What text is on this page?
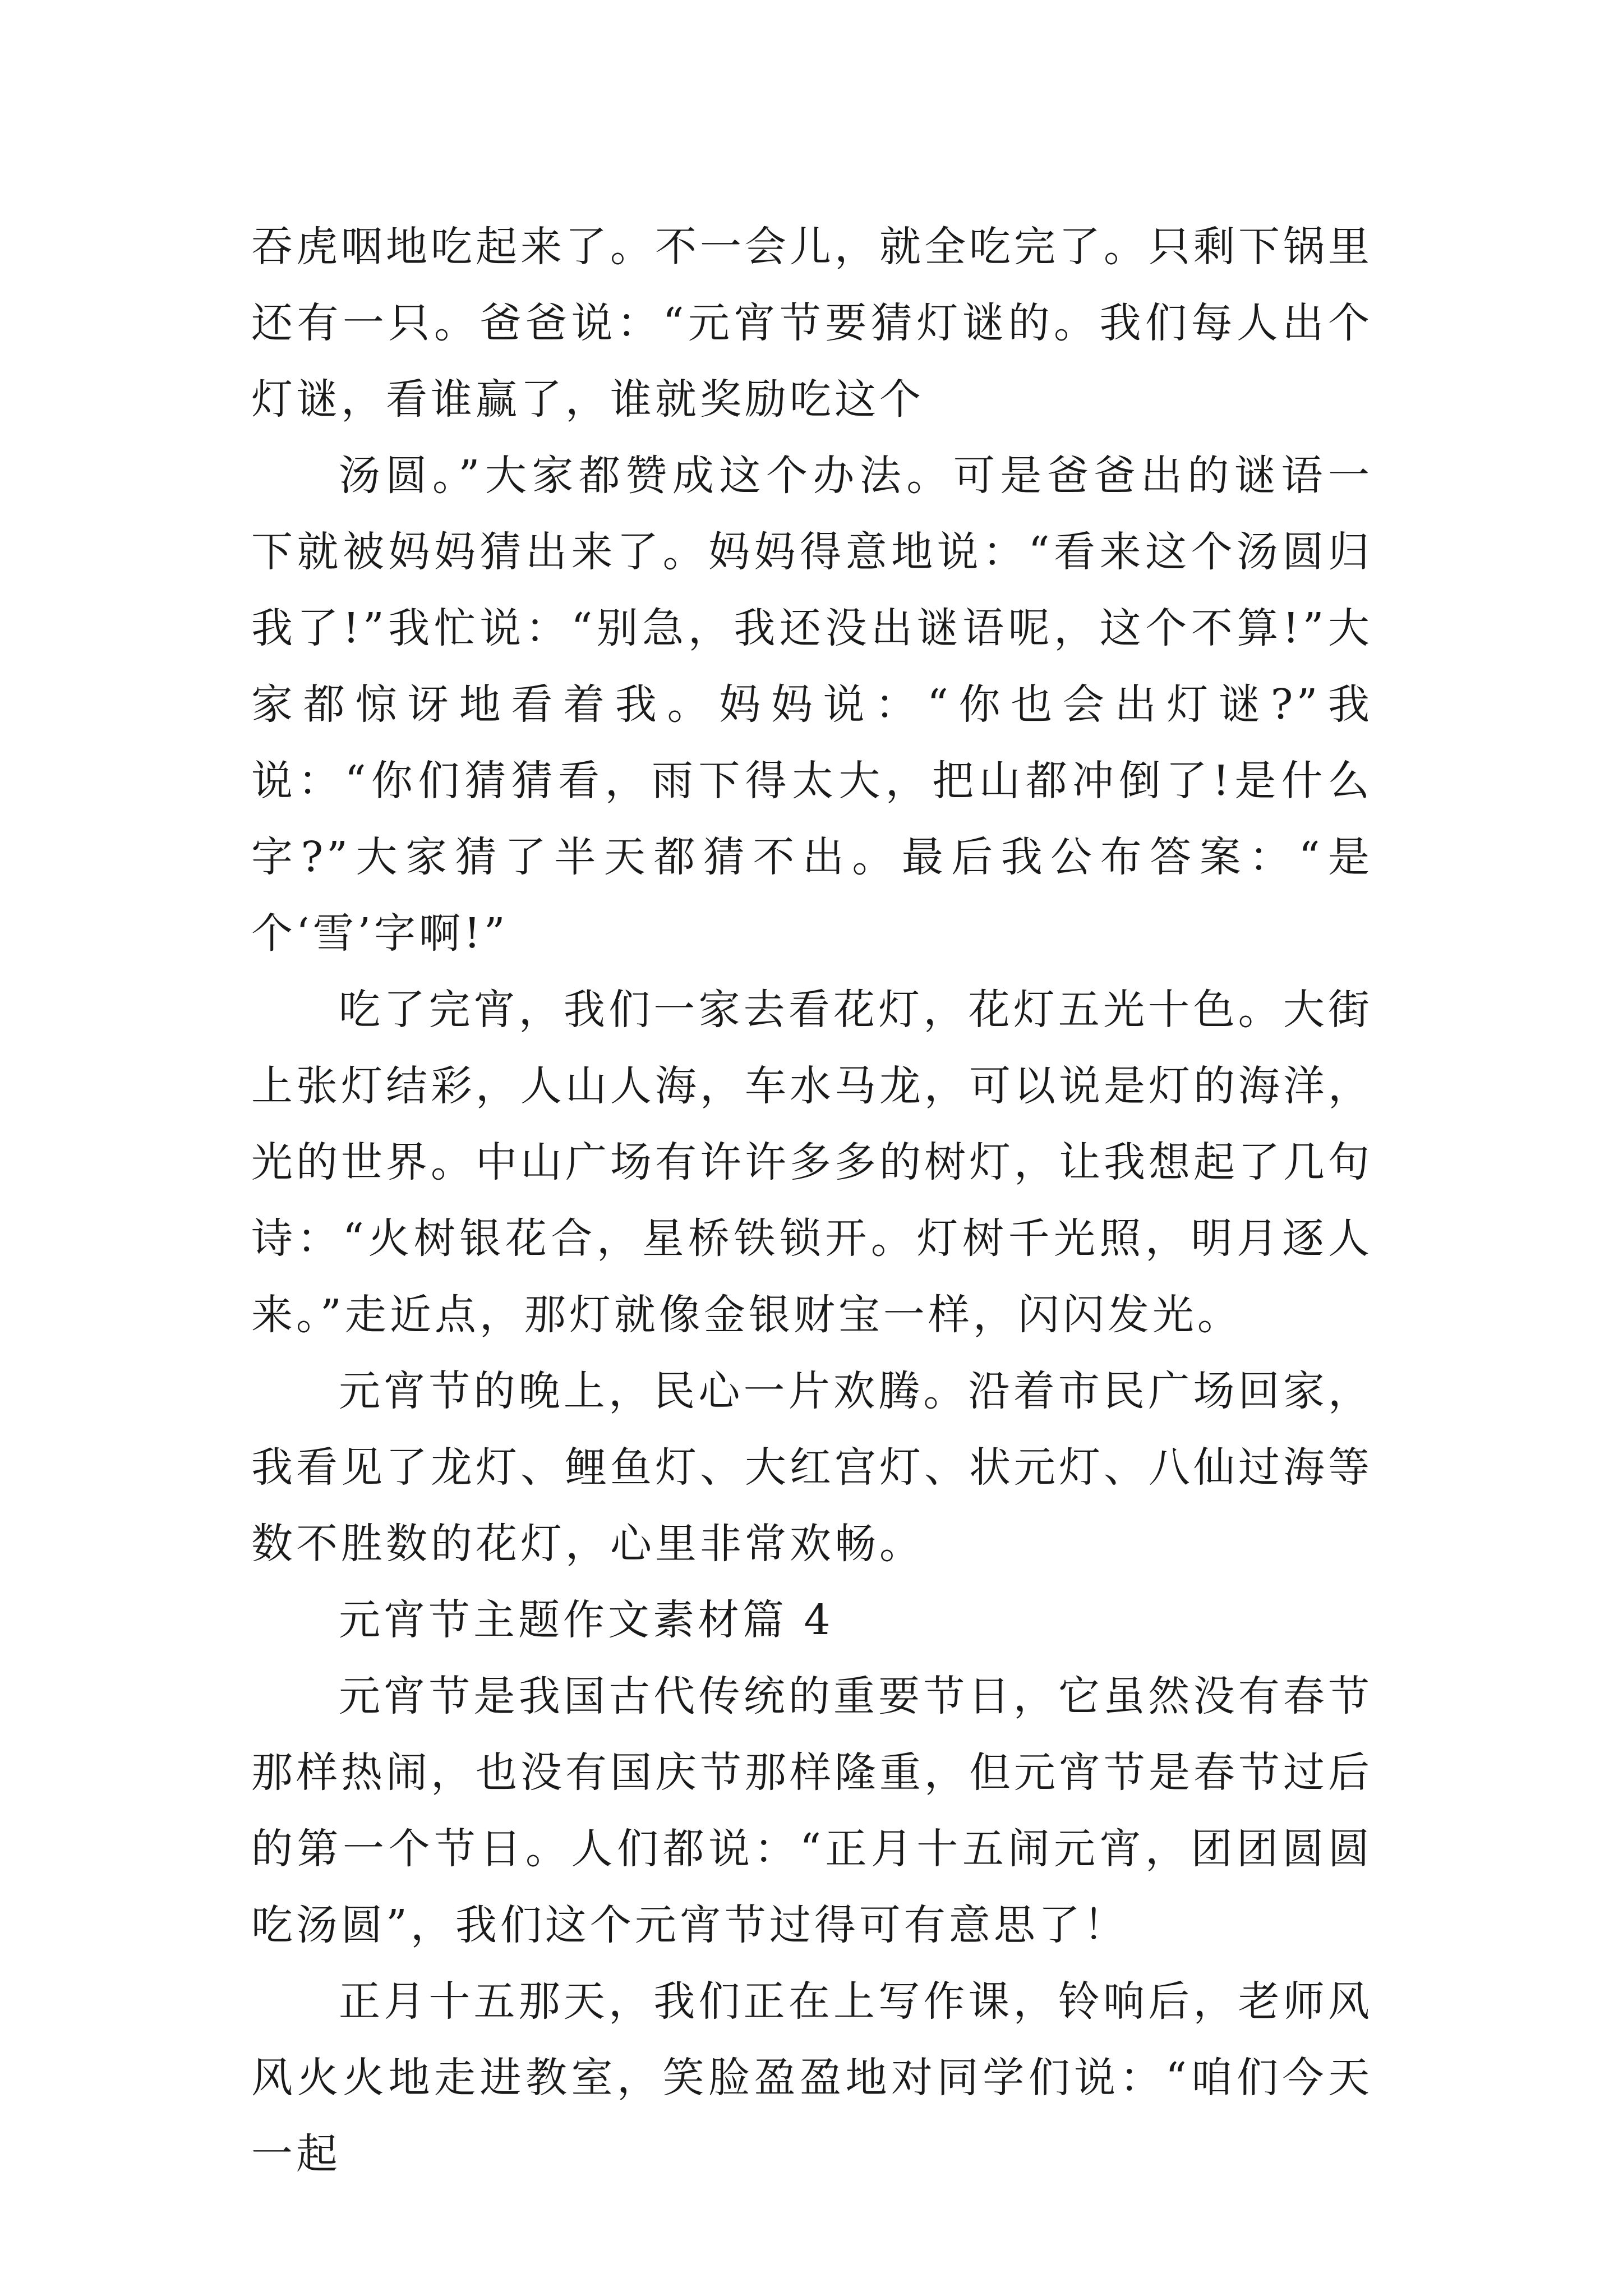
吞虎咽地吃起来了。不一会儿，就全吃完了。只剩下锅里还有一只。爸爸说：“元宵节要猜灯谜的。我们每人出个灯谜，看谁赢了，谁就奖励吃这个

汤圆。”大家都赞成这个办法。可是爸爸出的谜语一下就被妈妈猜出来了。妈妈得意地说：“看来这个汤圆归我了!”我忙说：“别急，我还没出谜语呢，这个不算!”大家都惊讶地看着我。妈妈说：“你也会出灯谜?”我说：“你们猜猜看，雨下得太大，把山都冲倒了!是什么字?”大家猜了半天都猜不出。最后我公布答案：“是个‘雪’字啊!”

吃了完宵，我们一家去看花灯，花灯五光十色。大街上张灯结彩，人山人海，车水马龙，可以说是灯的海洋，光的世界。中山广场有许许多多的树灯，让我想起了几句诗：“火树银花合，星桥铁锁开。灯树千光照，明月逐人来。”走近点，那灯就像金银财宝一样，闪闪发光。

元宵节的晚上，民心一片欢腾。沿着市民广场回家，我看见了龙灯、鲤鱼灯、大红宫灯、状元灯、八仙过海等数不胜数的花灯，心里非常欢畅。

元宵节主题作文素材篇 4

元宵节是我国古代传统的重要节日，它虽然没有春节那样热闹，也没有国庆节那样隆重，但元宵节是春节过后的第一个节日。人们都说：“正月十五闹元宵，团团圆圆吃汤圆”，我们这个元宵节过得可有意思了！

正月十五那天，我们正在上写作课，铃响后，老师风风火火地走进教室，笑脸盈盈地对同学们说：“咱们今天一起
